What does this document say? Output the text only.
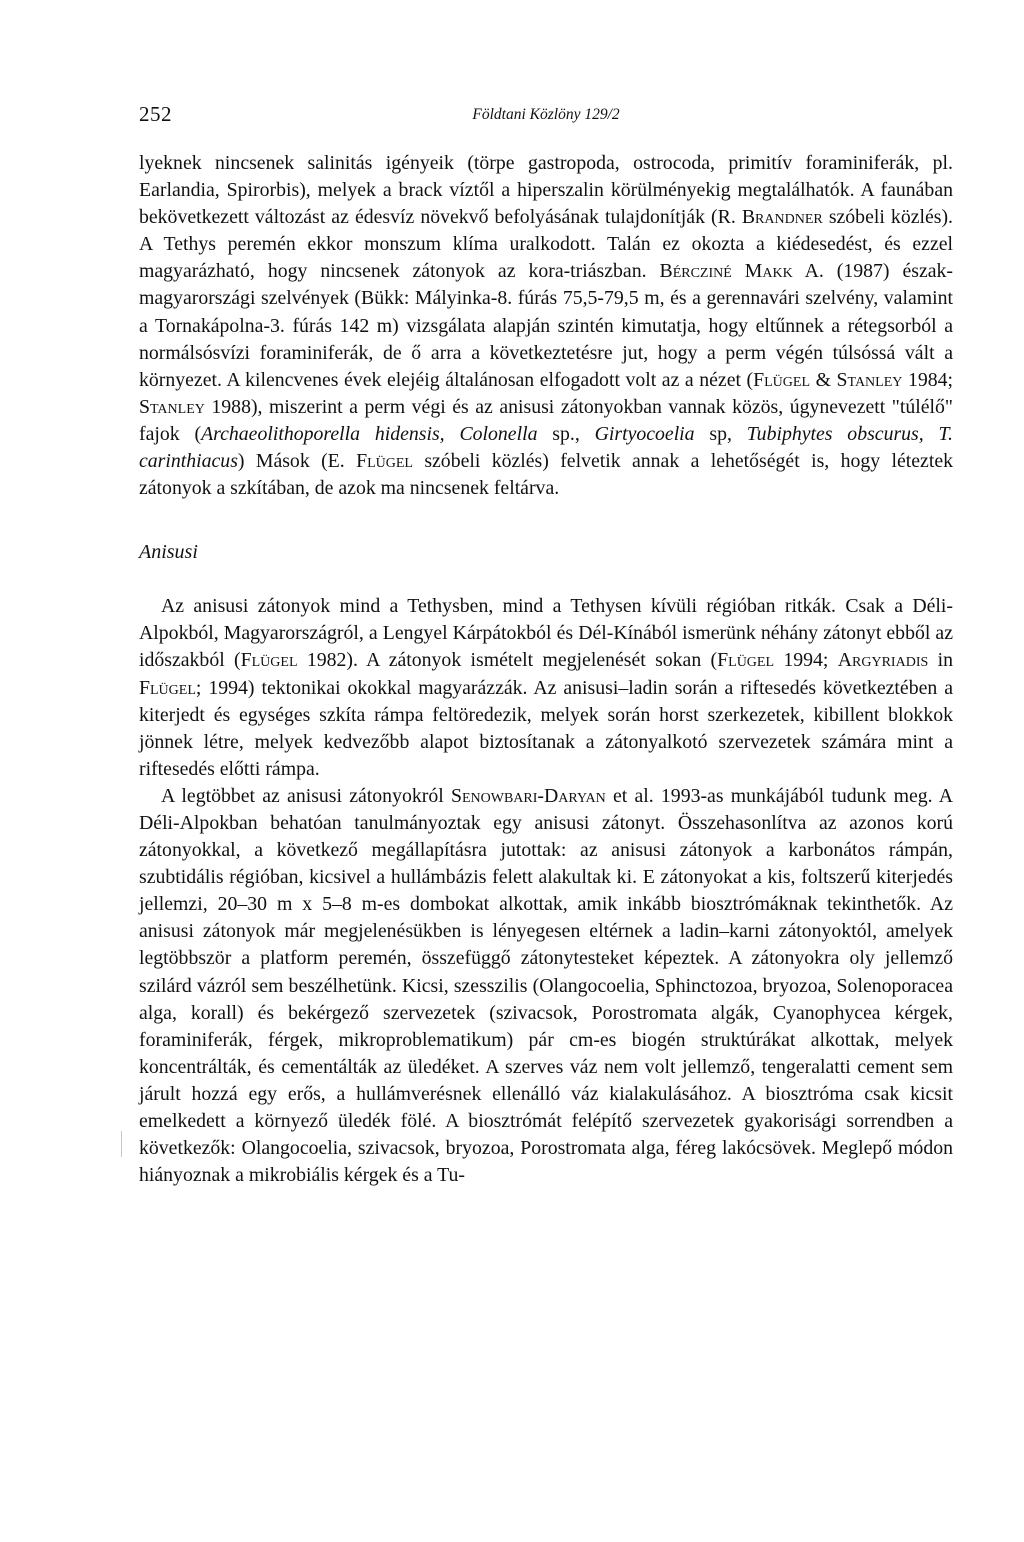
252	Földtani Közlöny 129/2

lyeknek nincsenek salinitás igényeik (törpe gastropoda, ostrocoda, primitív foraminiferák, pl. Earlandia, Spirorbis), melyek a brack víztől a hiperszalin körülményekig megtalálhatók. A faunában bekövetkezett változást az édesvíz növekvő befolyásának tulajdonítják (R. Brandner szóbeli közlés). A Tethys peremén ekkor monszum klíma uralkodott. Talán ez okozta a kiédesedést, és ezzel magyarázható, hogy nincsenek zátonyok az kora-triászban. Bércziné Makk A. (1987) észak-magyarországi szelvények (Bükk: Mályinka-8. fúrás 75,5-79,5 m, és a gerennavári szelvény, valamint a Tornakápolna-3. fúrás 142 m) vizsgálata alapján szintén kimutatja, hogy eltűnnek a rétegsorból a normálsósvízi foraminiferák, de ő arra a következtetésre jut, hogy a perm végén túlsóssá vált a környezet. A kilencvenes évek elejéig általánosan elfogadott volt az a nézet (Flügel & Stanley 1984; Stanley 1988), miszerint a perm végi és az anisusi zátonyokban vannak közös, úgynevezett "túlélő" fajok (Archaeolithoporella hidensis, Colonella sp., Girtyocoelia sp, Tubiphytes obscurus, T. carinthiacus) Mások (E. Flügel szóbeli közlés) felvetik annak a lehetőségét is, hogy léteztek zátonyok a szkítában, de azok ma nincsenek feltárva.

Anisusi

Az anisusi zátonyok mind a Tethysben, mind a Tethysen kívüli régióban ritkák. Csak a Déli-Alpokból, Magyarországról, a Lengyel Kárpátokból és Dél-Kínából ismerünk néhány zátonyt ebből az időszakból (Flügel 1982). A zátonyok ismételt megjelenését sokan (Flügel 1994; Argyriadis in Flügel; 1994) tektonikai okokkal magyarázzák. Az anisusi–ladin során a riftesedés következtében a kiterjedt és egységes szkíta rámpa feltöredezik, melyek során horst szerkezetek, kibillent blokkok jönnek létre, melyek kedvezőbb alapot biztosítanak a zátonyalkotó szervezetek számára mint a riftesedés előtti rámpa.

A legtöbbet az anisusi zátonyokról Senowbari-Daryan et al. 1993-as munkájából tudunk meg. A Déli-Alpokban behatóan tanulmányoztak egy anisusi zátonyt. Összehasonlítva az azonos korú zátonyokkal, a következő megállapításra jutottak: az anisusi zátonyok a karbonátos rámpán, szubtidális régióban, kicsivel a hullámbázis felett alakultak ki. E zátonyokat a kis, foltszerű kiterjedés jellemzi, 20–30 m x 5–8 m-es dombokat alkottak, amik inkább biosztrómáknak tekinthetők. Az anisusi zátonyok már megjelenésükben is lényegesen eltérnek a ladin–karni zátonyoktól, amelyek legtöbbször a platform peremén, összefüggő zátonytesteket képeztek. A zátonyokra oly jellemző szilárd vázról sem beszélhetünk. Kicsi, szesszilis (Olangocoelia, Sphinctozoa, bryozoa, Solenoporacea alga, korall) és bekérgező szervezetek (szivacsok, Porostromata algák, Cyanophycea kérgek, foraminiferák, férgek, mikroproblematikum) pár cm-es biogén struktúrákat alkottak, melyek koncentrálták, és cementálták az üledéket. A szerves váz nem volt jellemző, tengeralatti cement sem járult hozzá egy erős, a hullámverésnek ellenálló váz kialakulásához. A biosztróma csak kicsit emelkedett a környező üledék fölé. A biosztrómát felépítő szervezetek gyakorisági sorrendben a következők: Olangocoelia, szivacsok, bryozoa, Porostromata alga, féreg lakócsövek. Meglepő módon hiányoznak a mikrobiális kérgek és a Tu-
